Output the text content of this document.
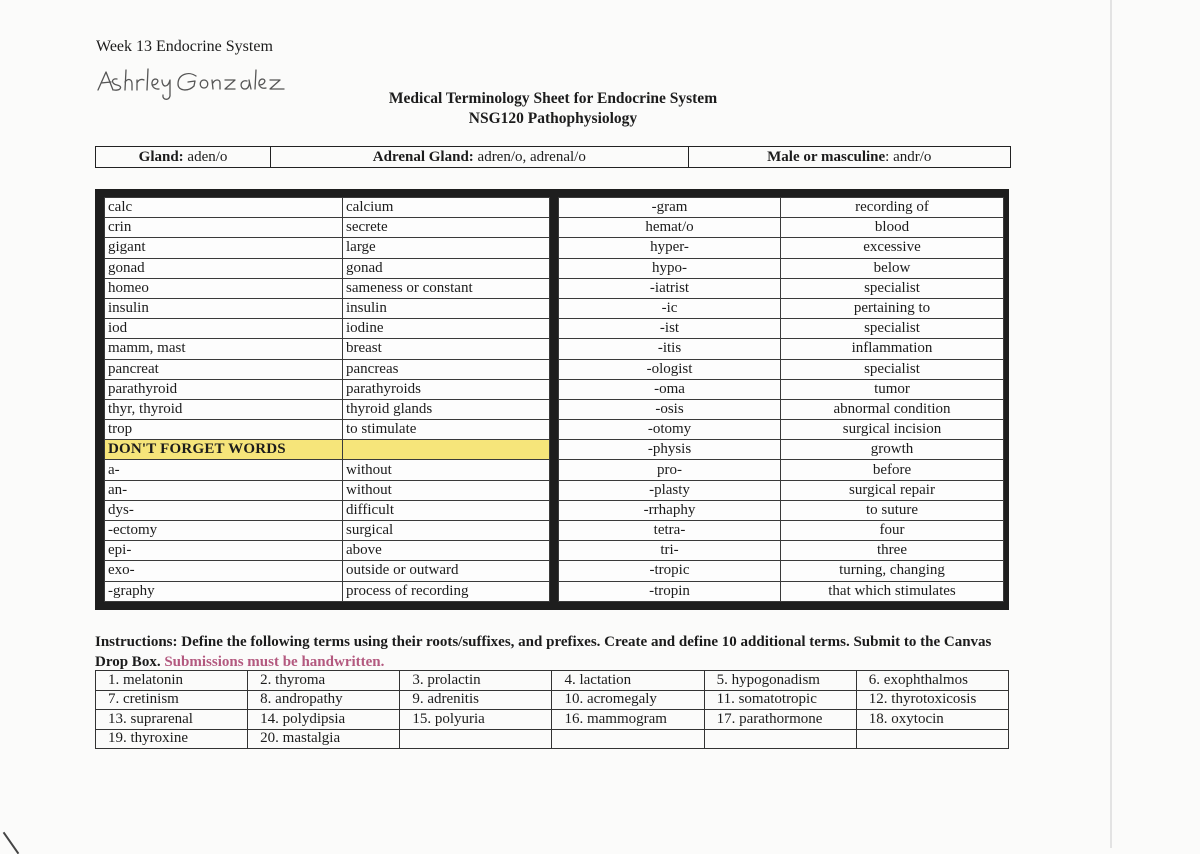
Week 13 Endocrine System
Medical Terminology Sheet for Endocrine System
NSG120 Pathophysiology
Gland: aden/o	Adrenal Gland: adren/o, adrenal/o	Male or masculine: andr/o
calc	calcium
crin	secrete
gigant	large
gonad	gonad
homeo	sameness or constant
insulin	insulin
iod	iodine
mamm, mast	breast
pancreat	pancreas
parathyroid	parathyroids
thyr, thyroid	thyroid glands
trop	to stimulate
DON'T FORGET WORDS	
a-	without
an-	without
dys-	difficult
-ectomy	surgical
epi-	above
exo-	outside or outward
-graphy	process of recording
-gram	recording of
hemat/o	blood
hyper-	excessive
hypo-	below
-iatrist	specialist
-ic	pertaining to
-ist	specialist
-itis	inflammation
-ologist	specialist
-oma	tumor
-osis	abnormal condition
-otomy	surgical incision
-physis	growth
pro-	before
-plasty	surgical repair
-rrhaphy	to suture
tetra-	four
tri-	three
-tropic	turning, changing
-tropin	that which stimulates
Instructions: Define the following terms using their roots/suffixes, and prefixes. Create and define 10 additional terms. Submit to the Canvas Drop Box. Submissions must be handwritten.
1. melatonin	2. thyroma	3. prolactin	4. lactation	5. hypogonadism	6. exophthalmos
7. cretinism	8. andropathy	9. adrenitis	10. acromegaly	11. somatotropic	12. thyrotoxicosis
13. suprarenal	14. polydipsia	15. polyuria	16. mammogram	17. parathormone	18. oxytocin
19. thyroxine	20. mastalgia				
